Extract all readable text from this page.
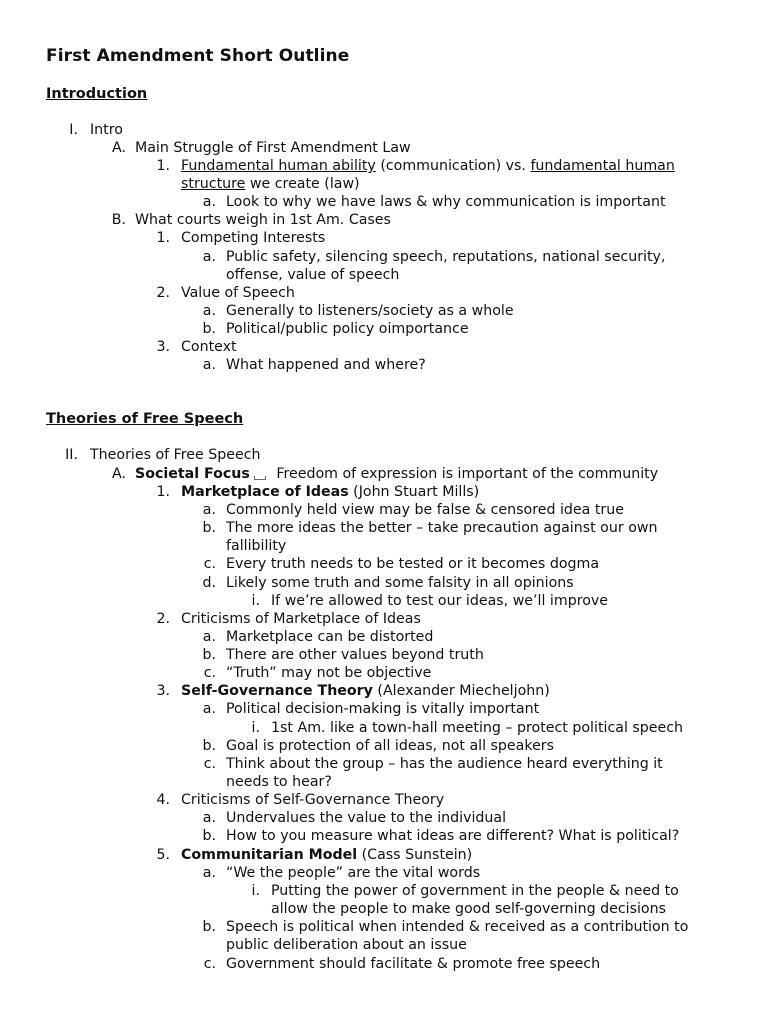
First Amendment Short Outline
Introduction
I. Intro
A. Main Struggle of First Amendment Law
1. Fundamental human ability (communication) vs. fundamental human
structure we create (law)
a. Look to why we have laws & why communication is important
B. What courts weigh in 1st Am. Cases
1. Competing Interests
a. Public safety, silencing speech, reputations, national security,
offense, value of speech
2. Value of Speech
a. Generally to listeners/society as a whole
b. Political/public policy oimportance
3. Context
a. What happened and where?
Theories of Free Speech
II. Theories of Free Speech
A. Societal Focus Freedom of expression is important of the community
1. Marketplace of Ideas (John Stuart Mills)
a. Commonly held view may be false & censored idea true
b. The more ideas the better – take precaution against our own
fallibility
c. Every truth needs to be tested or it becomes dogma
d. Likely some truth and some falsity in all opinions
i. If we’re allowed to test our ideas, we’ll improve
2. Criticisms of Marketplace of Ideas
a. Marketplace can be distorted
b. There are other values beyond truth
c. “Truth” may not be objective
3. Self-Governance Theory (Alexander Miecheljohn)
a. Political decision-making is vitally important
i. 1st Am. like a town-hall meeting – protect political speech
b. Goal is protection of all ideas, not all speakers
c. Think about the group – has the audience heard everything it
needs to hear?
4. Criticisms of Self-Governance Theory
a. Undervalues the value to the individual
b. How to you measure what ideas are different? What is political?
5. Communitarian Model (Cass Sunstein)
a. “We the people” are the vital words
i. Putting the power of government in the people & need to
allow the people to make good self-governing decisions
b. Speech is political when intended & received as a contribution to
public deliberation about an issue
c. Government should facilitate & promote free speech
